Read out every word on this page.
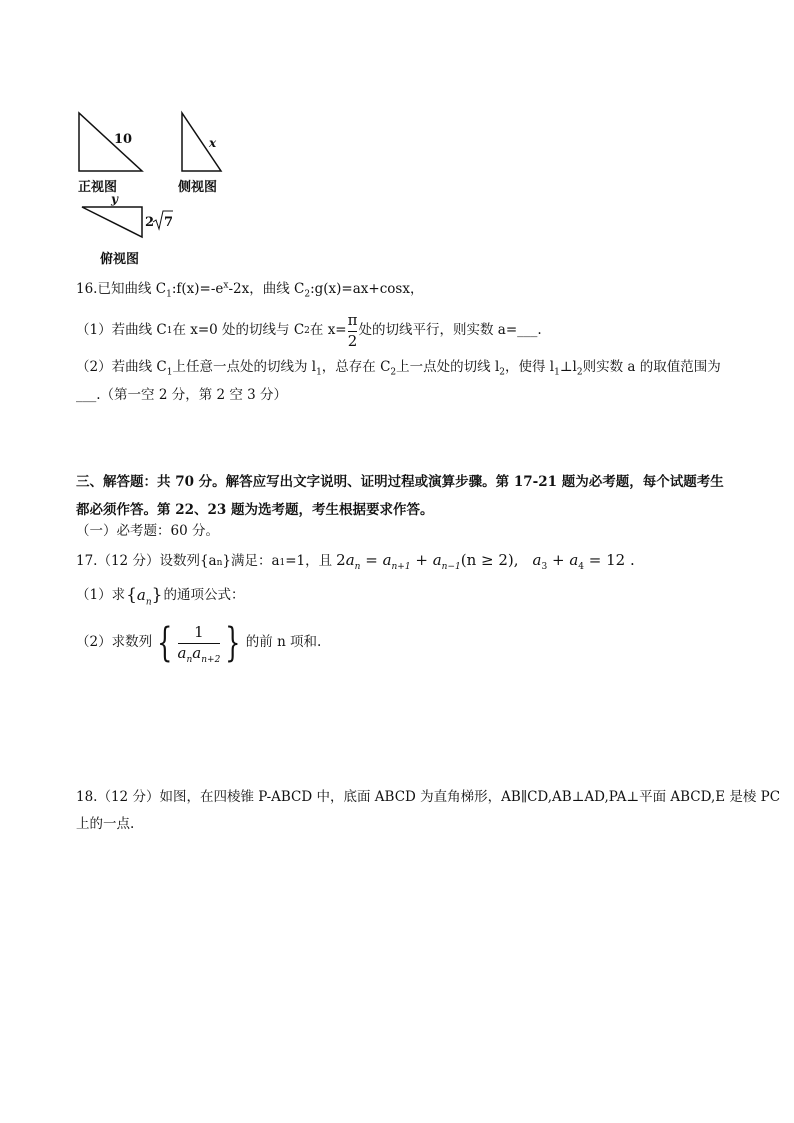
10	x
正视图	侧视图
y
2 7
俯视图
16.已知曲线 $C_1:f(x)=-e^x-2x$，曲线 $C_2:g(x)=ax+\cos x$，
（1）若曲线 C 1 在 x=0 处的切线与 C 2 在 $x= \frac{\pi}{2}$ 处的切线平行，则实数 a=___.
（2）若曲线 $C_1$上任意一点处的切线为 $l_1$，总存在 $C_2$上一点处的切线 $l_2$，使得 $l_1\perp l_2$则实数 a 的取值范围为
___.（第一空 2 分，第 2 空 3 分）
三、解答题：共 70 分。解答应写出文字说明、证明过程或演算步骤。第 17-21 题为必考题，每个试题考生
都必须作答。第 22、23 题为选考题，考生根据要求作答。
（一）必考题：60 分。
17.（12 分）设数列{a n }满足：a 1 =1，且 $2a_n = a_{n+1} + a_{n-1}(n \ge 2)$, $a_3 + a_4 = 12$ .
（1）求 $\{a_n\}$ 的通项公式：
（2）求数列 { $\frac{1}{a_na_{n+2}}$ } 的前 n 项和.
18.（12 分）如图，在四棱锥 P-ABCD 中，底面 ABCD 为直角梯形，AB∥CD,AB⊥AD,PA⊥平面 ABCD,E 是棱 PC
上的一点.
